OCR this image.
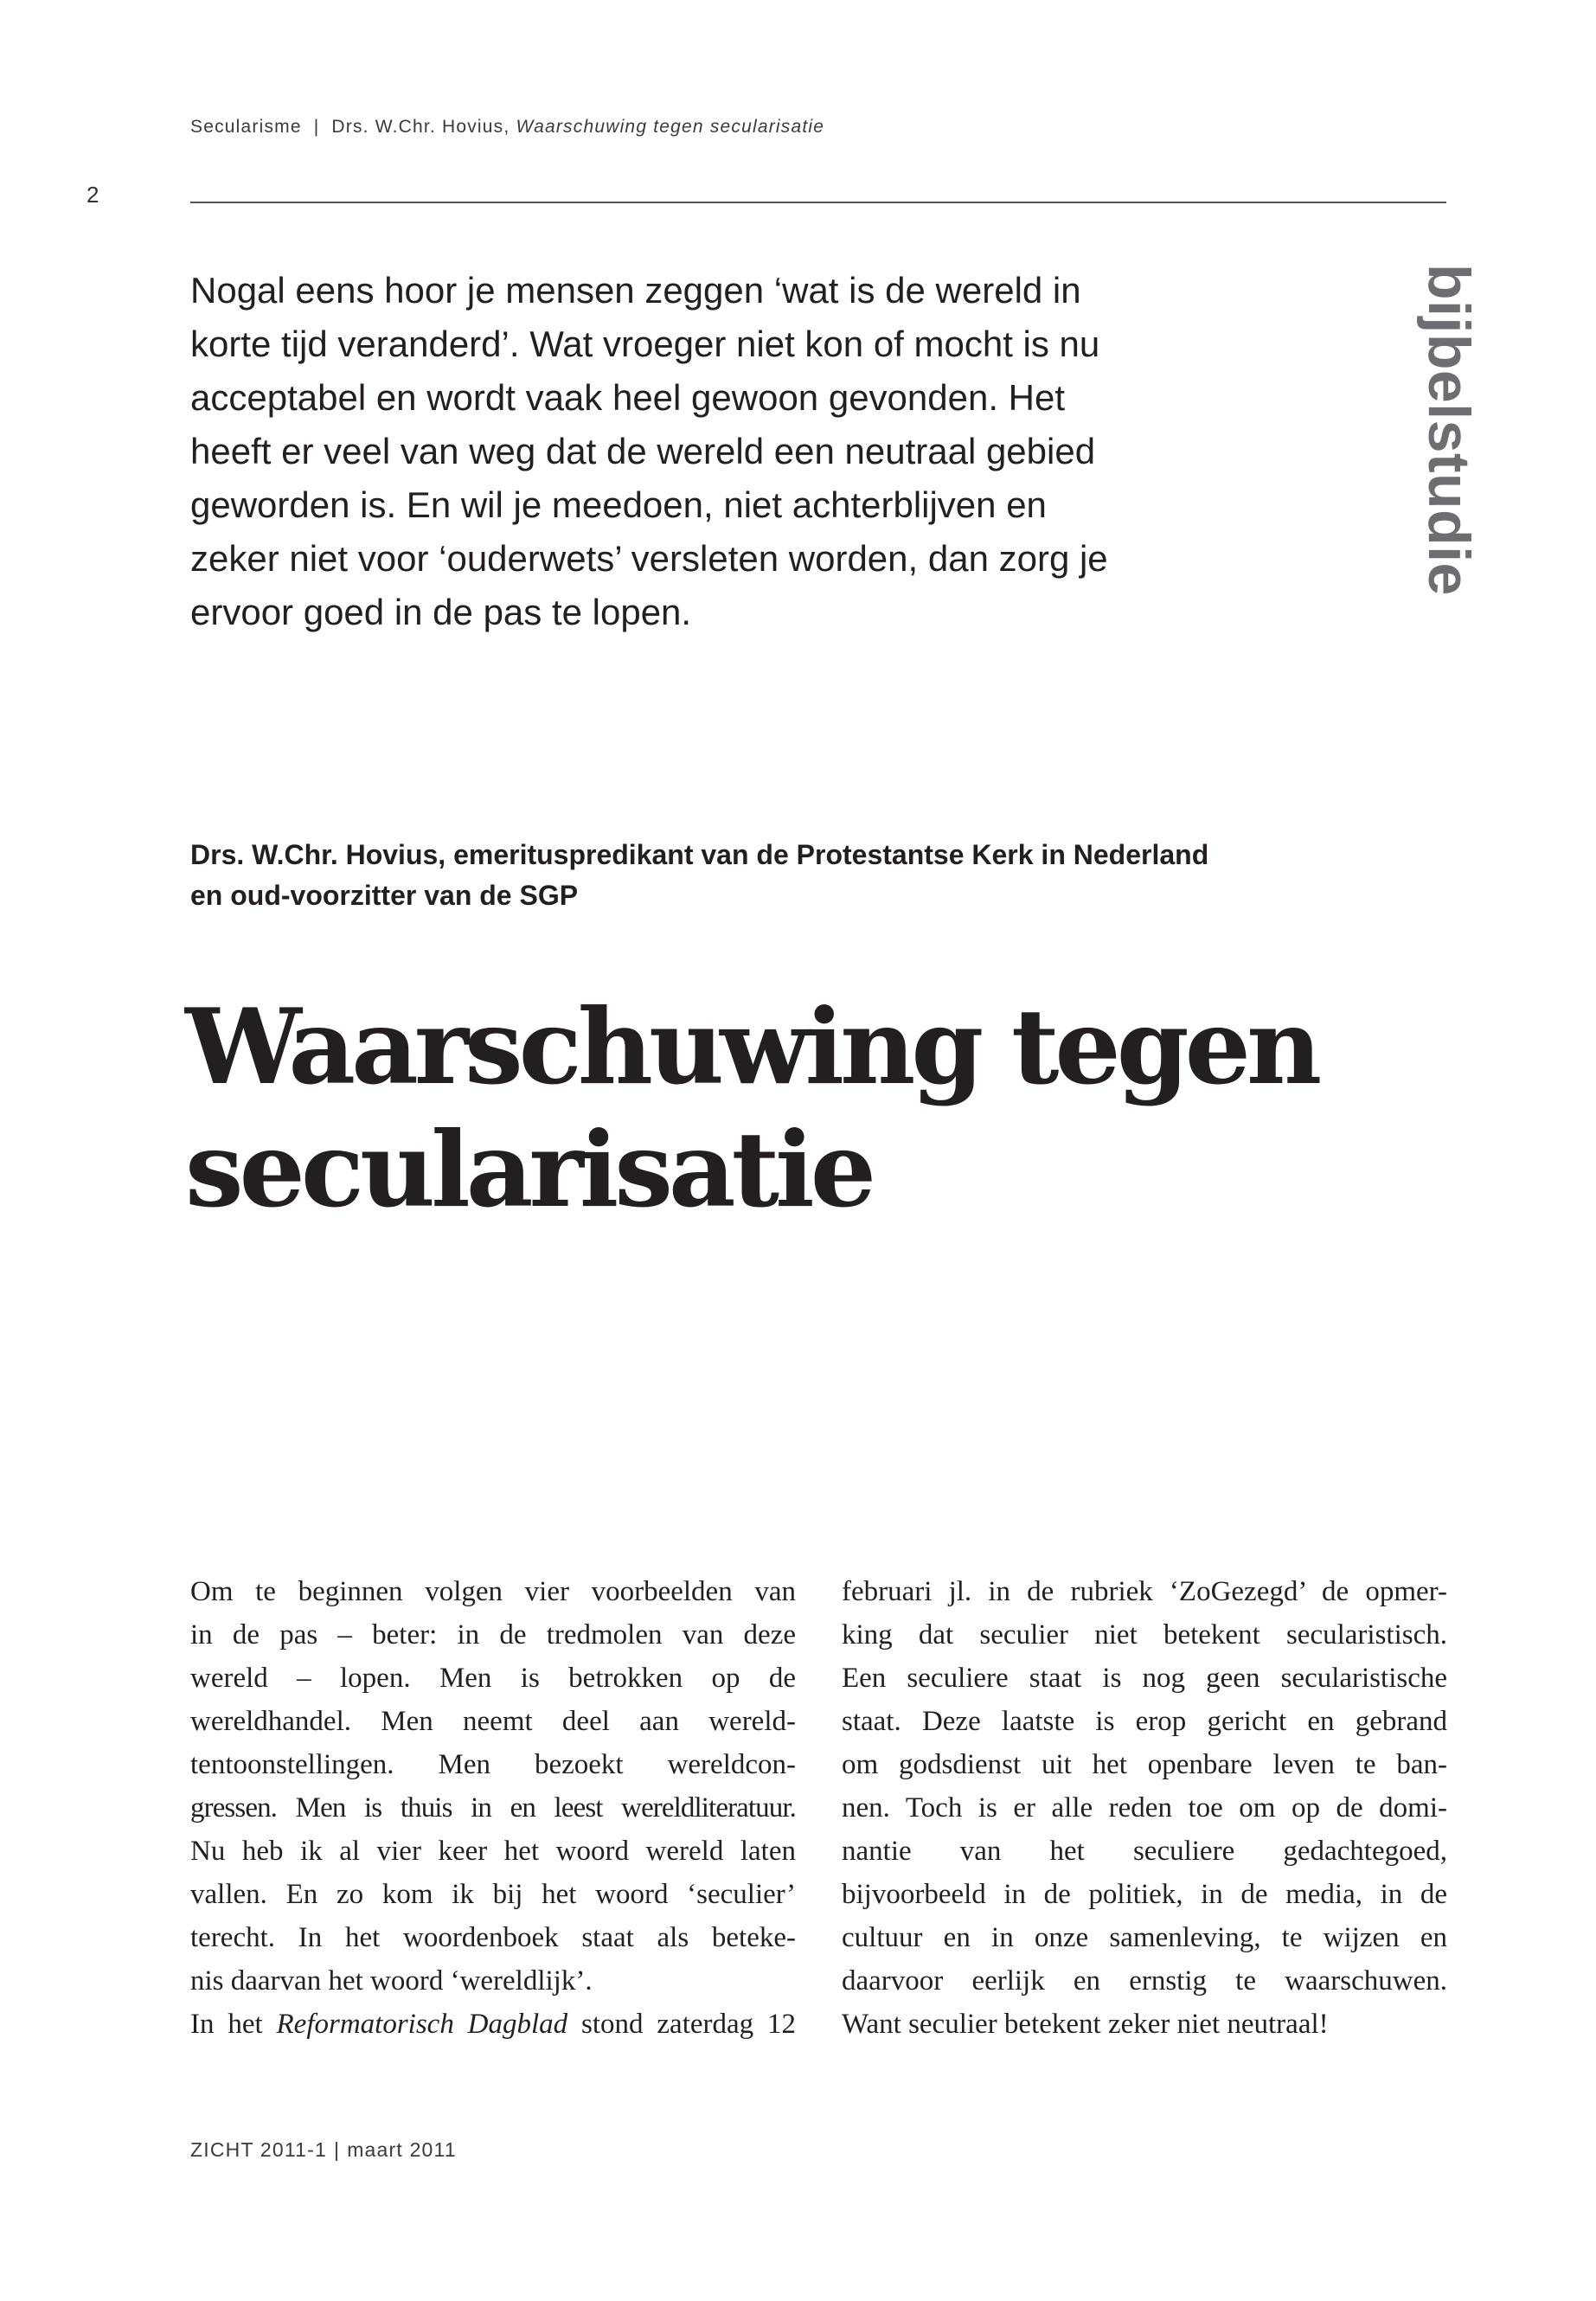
Secularisme | Drs. W.Chr. Hovius, Waarschuwing tegen secularisatie
2
Nogal eens hoor je mensen zeggen ‘wat is de wereld in
korte tijd veranderd’. Wat vroeger niet kon of mocht is nu
acceptabel en wordt vaak heel gewoon gevonden. Het
heeft er veel van weg dat de wereld een neutraal gebied
geworden is. En wil je meedoen, niet achterblijven en
zeker niet voor ‘ouderwets’ versleten worden, dan zorg je
ervoor goed in de pas te lopen.
bijbelstudie
Drs. W.Chr. Hovius, emerituspredikant van de Protestantse Kerk in Nederland
en oud-voorzitter van de SGP
Waarschuwing tegen
secularisatie
Om te beginnen volgen vier voorbeelden van
in de pas – beter: in de tredmolen van deze
wereld – lopen. Men is betrokken op de
wereldhandel. Men neemt deel aan wereld-
tentoonstellingen. Men bezoekt wereldcon-
gressen. Men is thuis in en leest wereldliteratuur.
Nu heb ik al vier keer het woord wereld laten
vallen. En zo kom ik bij het woord ‘seculier’
terecht. In het woordenboek staat als beteke-
nis daarvan het woord ‘wereldlijk’.
In het Reformatorisch Dagblad stond zaterdag 12
februari jl. in de rubriek ‘ZoGezegd’ de opmer-
king dat seculier niet betekent secularistisch.
Een seculiere staat is nog geen secularistische
staat. Deze laatste is erop gericht en gebrand
om godsdienst uit het openbare leven te ban-
nen. Toch is er alle reden toe om op de domi-
nantie van het seculiere gedachtegoed,
bijvoorbeeld in de politiek, in de media, in de
cultuur en in onze samenleving, te wijzen en
daarvoor eerlijk en ernstig te waarschuwen.
Want seculier betekent zeker niet neutraal!
ZICHT 2011-1 | maart 2011
